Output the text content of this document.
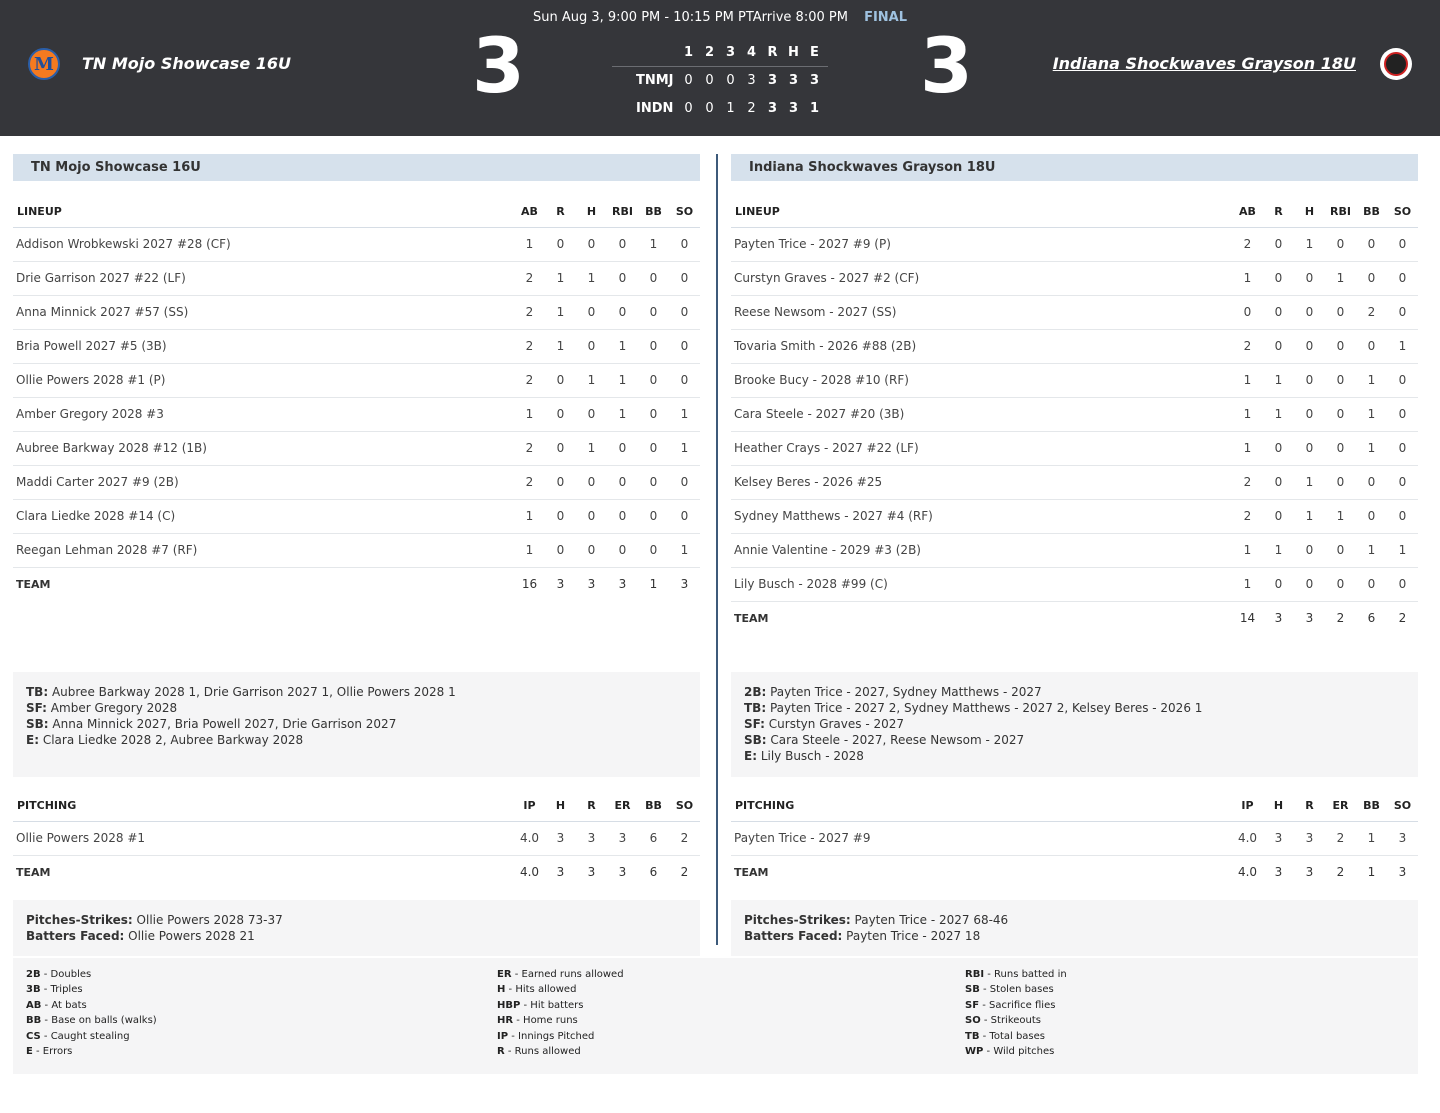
Sun Aug 3, 9:00 PM - 10:15 PM PTArrive 8:00 PM FINAL
M TN Mojo Showcase 16U 3	1 2 3 4 R H E
TNMJ 0 0 0 3 3 3 3
INDN 0 0 1 2 3 3 1 3	Indiana Shockwaves Grayson 18U
TN Mojo Showcase 16U
LINEUP	AB	R	H	RBI	BB	SO
Addison Wrobkewski 2027 #28 (CF)	1	0	0	0	1	0
Drie Garrison 2027 #22 (LF)	2	1	1	0	0	0
Anna Minnick 2027 #57 (SS)	2	1	0	0	0	0
Bria Powell 2027 #5 (3B)	2	1	0	1	0	0
Ollie Powers 2028 #1 (P)	2	0	1	1	0	0
Amber Gregory 2028 #3	1	0	0	1	0	1
Aubree Barkway 2028 #12 (1B)	2	0	1	0	0	1
Maddi Carter 2027 #9 (2B)	2	0	0	0	0	0
Clara Liedke 2028 #14 (C)	1	0	0	0	0	0
Reegan Lehman 2028 #7 (RF)	1	0	0	0	0	1
TEAM	16	3	3	3	1	3
TB: Aubree Barkway 2028 1, Drie Garrison 2027 1, Ollie Powers 2028 1
SF: Amber Gregory 2028
SB: Anna Minnick 2027, Bria Powell 2027, Drie Garrison 2027
E: Clara Liedke 2028 2, Aubree Barkway 2028
PITCHING	IP	H	R	ER	BB	SO
Ollie Powers 2028 #1	4.0	3	3	3	6	2
TEAM	4.0	3	3	3	6	2
Pitches-Strikes: Ollie Powers 2028 73-37
Batters Faced: Ollie Powers 2028 21
Indiana Shockwaves Grayson 18U
LINEUP	AB	R	H	RBI	BB	SO
Payten Trice - 2027 #9 (P)	2	0	1	0	0	0
Curstyn Graves - 2027 #2 (CF)	1	0	0	1	0	0
Reese Newsom - 2027 (SS)	0	0	0	0	2	0
Tovaria Smith - 2026 #88 (2B)	2	0	0	0	0	1
Brooke Bucy - 2028 #10 (RF)	1	1	0	0	1	0
Cara Steele - 2027 #20 (3B)	1	1	0	0	1	0
Heather Crays - 2027 #22 (LF)	1	0	0	0	1	0
Kelsey Beres - 2026 #25	2	0	1	0	0	0
Sydney Matthews - 2027 #4 (RF)	2	0	1	1	0	0
Annie Valentine - 2029 #3 (2B)	1	1	0	0	1	1
Lily Busch - 2028 #99 (C)	1	0	0	0	0	0
TEAM	14	3	3	2	6	2
2B: Payten Trice - 2027, Sydney Matthews - 2027
TB: Payten Trice - 2027 2, Sydney Matthews - 2027 2, Kelsey Beres - 2026 1
SF: Curstyn Graves - 2027
SB: Cara Steele - 2027, Reese Newsom - 2027
E: Lily Busch - 2028
PITCHING	IP	H	R	ER	BB	SO
Payten Trice - 2027 #9	4.0	3	3	2	1	3
TEAM	4.0	3	3	2	1	3
Pitches-Strikes: Payten Trice - 2027 68-46
Batters Faced: Payten Trice - 2027 18
2B - Doubles
3B - Triples
AB - At bats
BB - Base on balls (walks)
CS - Caught stealing
E - Errors
ER - Earned runs allowed
H - Hits allowed
HBP - Hit batters
HR - Home runs
IP - Innings Pitched
R - Runs allowed
RBI - Runs batted in
SB - Stolen bases
SF - Sacrifice flies
SO - Strikeouts
TB - Total bases
WP - Wild pitches
